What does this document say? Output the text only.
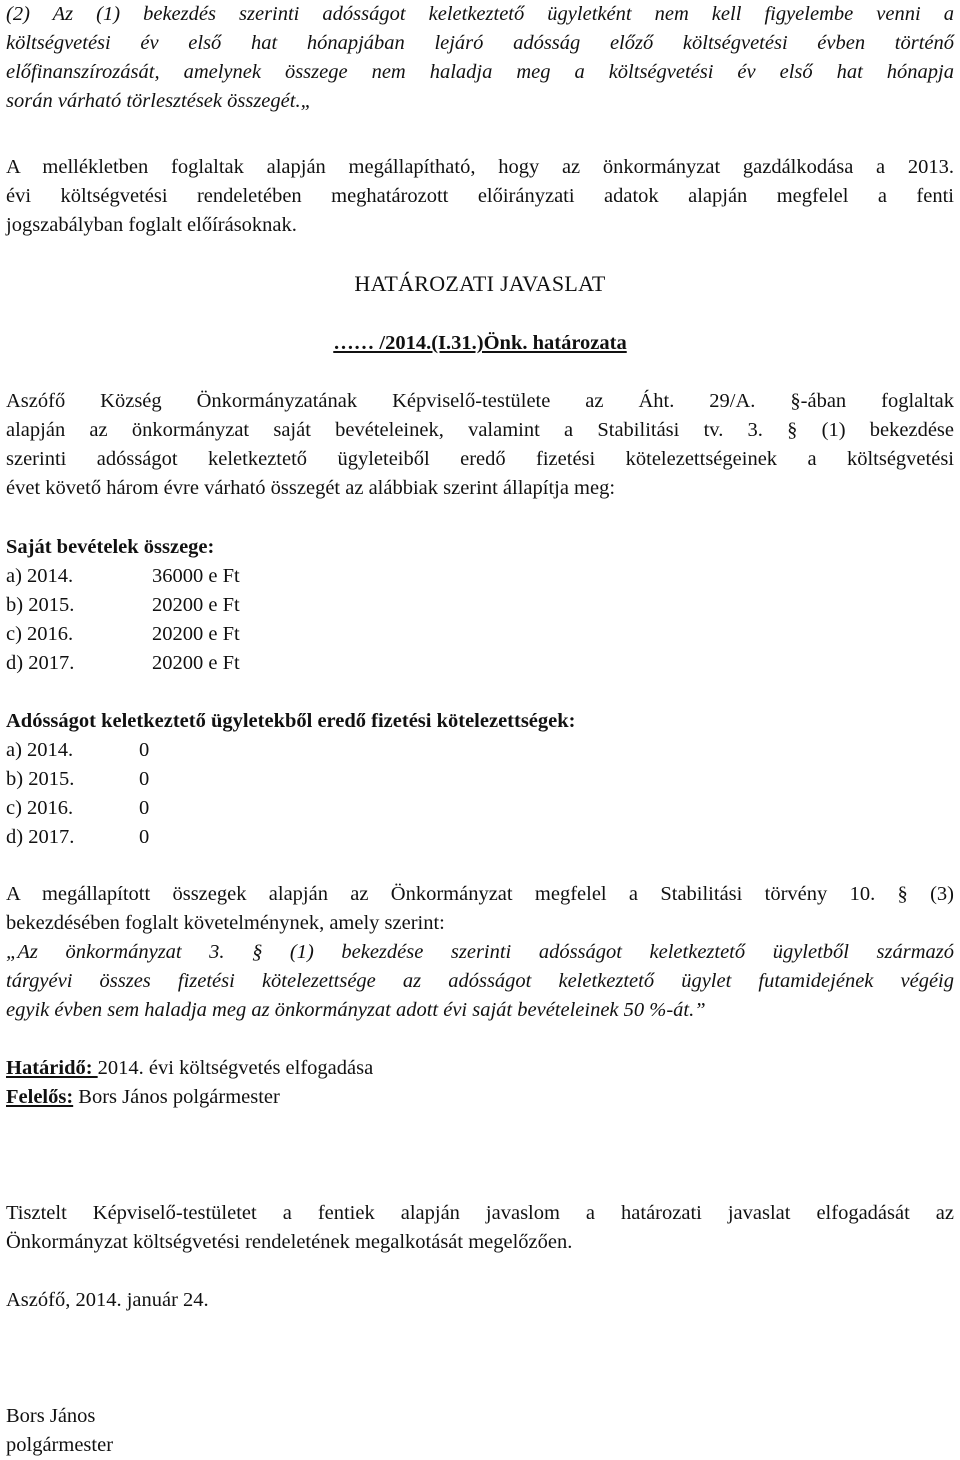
(2) Az (1) bekezdés szerinti adósságot keletkeztető ügyletként nem kell figyelembe venni a
költségvetési év első hat hónapjában lejáró adósság előző költségvetési évben történő
előfinanszírozását, amelynek összege nem haladja meg a költségvetési év első hat hónapja
során várható törlesztések összegét.„
A mellékletben foglaltak alapján megállapítható, hogy az önkormányzat gazdálkodása a 2013.
évi költségvetési rendeletében meghatározott előirányzati adatok alapján megfelel a fenti
jogszabályban foglalt előírásoknak.
HATÁROZATI JAVASLAT
…… /2014.(I.31.)Önk. határozata
Aszófő Község Önkormányzatának Képviselő-testülete az Áht. 29/A. §-ában foglaltak
alapján az önkormányzat saját bevételeinek, valamint a Stabilitási tv. 3. § (1) bekezdése
szerinti adósságot keletkeztető ügyleteiből eredő fizetési kötelezettségeinek a költségvetési
évet követő három évre várható összegét az alábbiak szerint állapítja meg:
Saját bevételek összege:
a) 2014.	36000 e Ft
b) 2015.	20200 e Ft
c) 2016.	20200 e Ft
d) 2017.	20200 e Ft
Adósságot keletkeztető ügyletekből eredő fizetési kötelezettségek:
a) 2014.	0
b) 2015.	0
c) 2016.	0
d) 2017.	0
A megállapított összegek alapján az Önkormányzat megfelel a Stabilitási törvény 10. § (3)
bekezdésében foglalt követelménynek, amely szerint:
„Az önkormányzat 3. § (1) bekezdése szerinti adósságot keletkeztető ügyletből származó
tárgyévi összes fizetési kötelezettsége az adósságot keletkeztető ügylet futamidejének végéig
egyik évben sem haladja meg az önkormányzat adott évi saját bevételeinek 50 %-át.”
Határidő: 2014. évi költségvetés elfogadása
Felelős: Bors János polgármester
Tisztelt Képviselő-testületet a fentiek alapján javaslom a határozati javaslat elfogadását az
Önkormányzat költségvetési rendeletének megalkotását megelőzően.
Aszófő, 2014. január 24.
Bors János
polgármester
